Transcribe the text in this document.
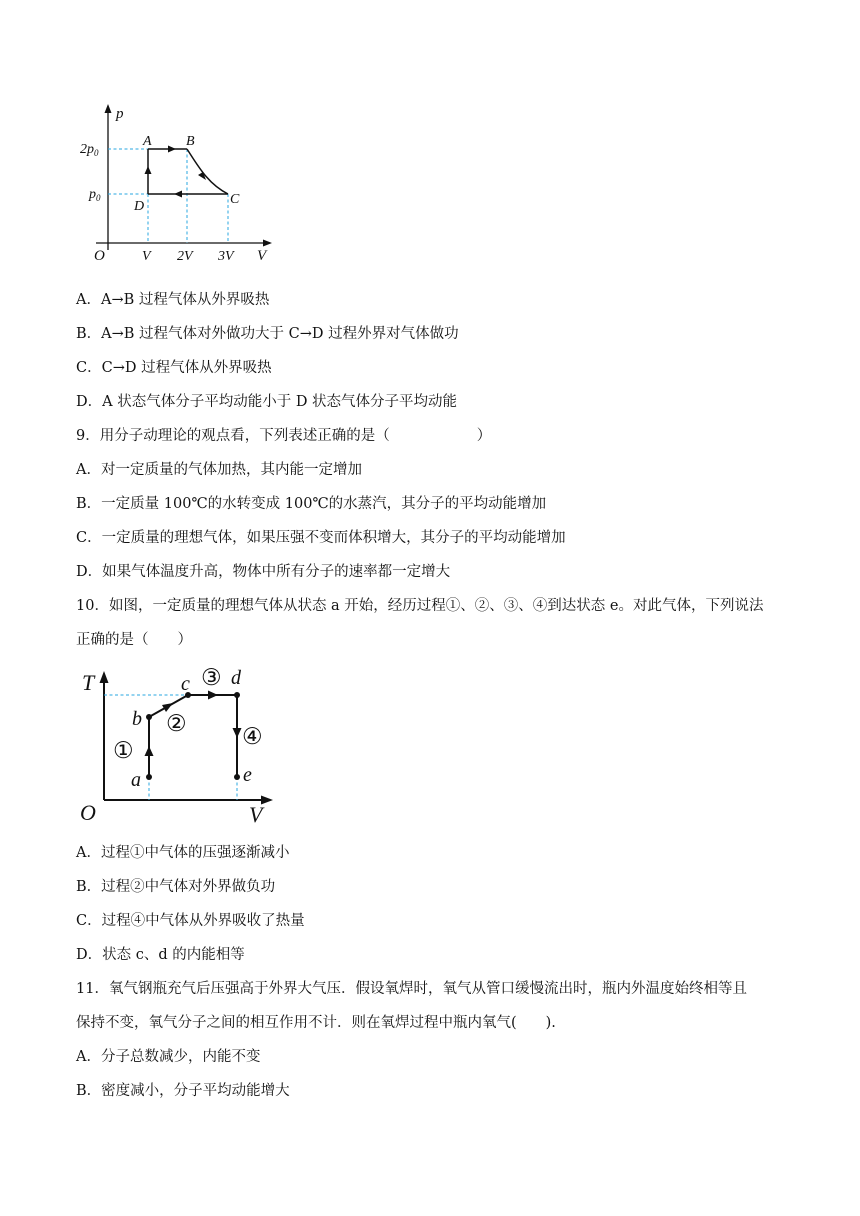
p
V
O
$2p_0$
$p_0$
V 2V 3V
A B
C
D
A．A→B 过程气体从外界吸热
B．A→B 过程气体对外做功大于 C→D 过程外界对气体做功
C．C→D 过程气体从外界吸热
D．A 状态气体分子平均动能小于 D 状态气体分子平均动能
9．用分子动理论的观点看，下列表述正确的是（　　　　　　）
A．对一定质量的气体加热，其内能一定增加
B．一定质量 100℃的水转变成 100℃的水蒸汽，其分子的平均动能增加
C．一定质量的理想气体，如果压强不变而体积增大，其分子的平均动能增加
D．如果气体温度升高，物体中所有分子的速率都一定增大
10．如图，一定质量的理想气体从状态 a 开始，经历过程①、②、③、④到达状态 e。对此气体，下列说法
正确的是（　　）
T
V
O
a
b
c d
e
①
②
③
④
A．过程①中气体的压强逐渐减小
B．过程②中气体对外界做负功
C．过程④中气体从外界吸收了热量
D．状态 c、d 的内能相等
11．氧气钢瓶充气后压强高于外界大气压．假设氧焊时，氧气从管口缓慢流出时，瓶内外温度始终相等且
保持不变，氧气分子之间的相互作用不计．则在氧焊过程中瓶内氧气(　　).
A．分子总数减少，内能不变
B．密度减小，分子平均动能增大
